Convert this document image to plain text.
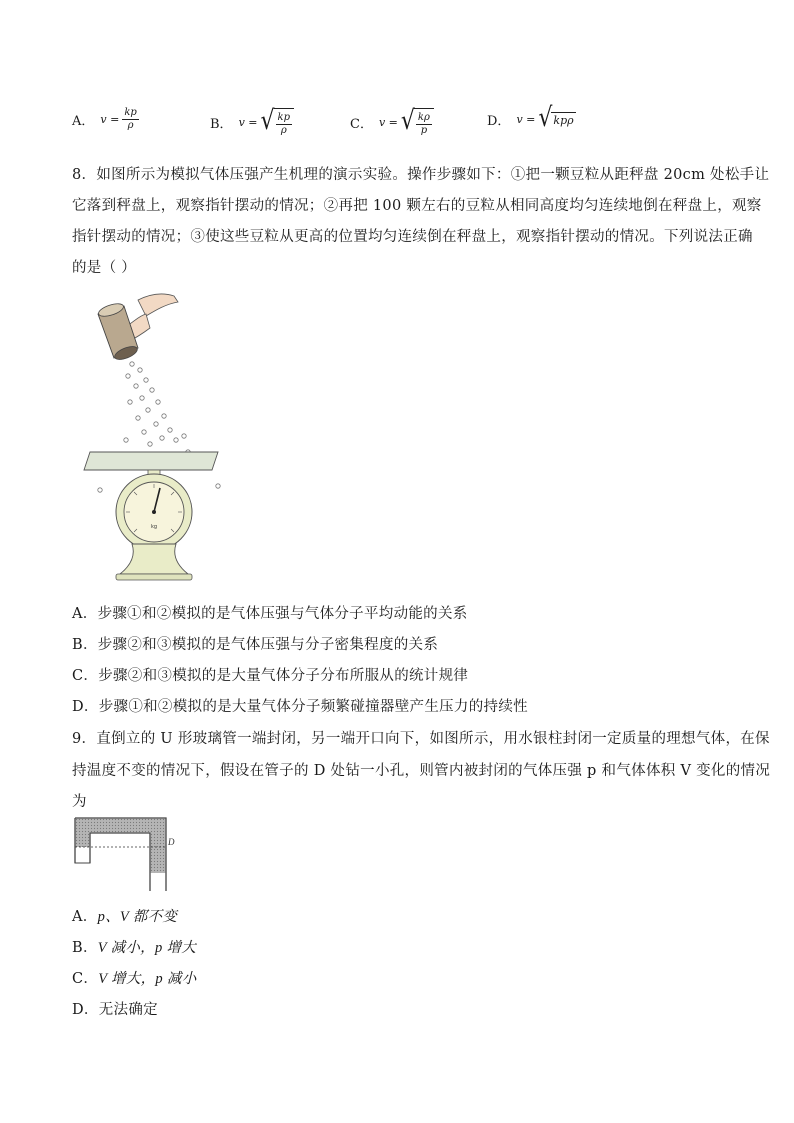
A． $v = \frac{kp}{\rho}$	B． v = √ $\frac{kp}{\rho}$	C． v = √ $\frac{k\rho}{p}$	D． v = √ kpρ
8．如图所示为模拟气体压强产生机理的演示实验。操作步骤如下：①把一颗豆粒从距秤盘 20cm 处松手让
它落到秤盘上，观察指针摆动的情况；②再把 100 颗左右的豆粒从相同高度均匀连续地倒在秤盘上，观察
指针摆动的情况；③使这些豆粒从更高的位置均匀连续倒在秤盘上，观察指针摆动的情况。下列说法正确
的是（ ）
kg
A．步骤①和②模拟的是气体压强与气体分子平均动能的关系
B．步骤②和③模拟的是气体压强与分子密集程度的关系
C．步骤②和③模拟的是大量气体分子分布所服从的统计规律
D．步骤①和②模拟的是大量气体分子频繁碰撞器壁产生压力的持续性
9．直倒立的 U 形玻璃管一端封闭，另一端开口向下，如图所示，用水银柱封闭一定质量的理想气体，在保
持温度不变的情况下，假设在管子的 D 处钻一小孔，则管内被封闭的气体压强 p 和气体体积 V 变化的情况
为
D
A．p、V 都不变
B．V 减小，p 增大
C．V 增大，p 减小
D．无法确定
